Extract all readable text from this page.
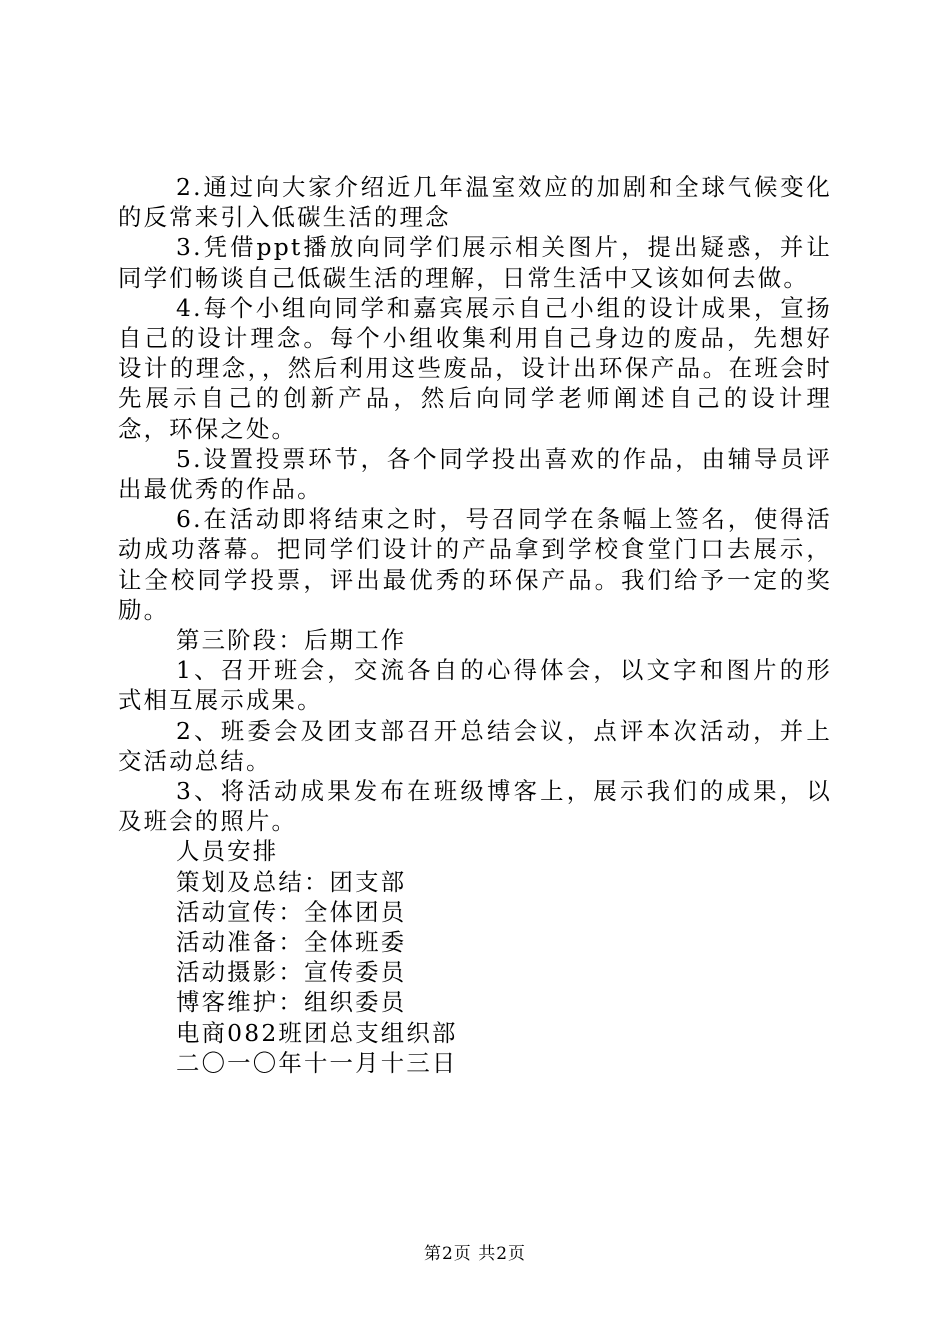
2.通过向大家介绍近几年温室效应的加剧和全球气候变化的反常来引入低碳生活的理念

3.凭借ppt播放向同学们展示相关图片，提出疑惑，并让同学们畅谈自己低碳生活的理解，日常生活中又该如何去做。

4.每个小组向同学和嘉宾展示自己小组的设计成果，宣扬自己的设计理念。每个小组收集利用自己身边的废品，先想好设计的理念，，然后利用这些废品，设计出环保产品。在班会时先展示自己的创新产品，然后向同学老师阐述自己的设计理念，环保之处。

5.设置投票环节，各个同学投出喜欢的作品，由辅导员评出最优秀的作品。

6.在活动即将结束之时，号召同学在条幅上签名，使得活动成功落幕。把同学们设计的产品拿到学校食堂门口去展示，让全校同学投票，评出最优秀的环保产品。我们给予一定的奖励。

第三阶段：后期工作

1、召开班会，交流各自的心得体会，以文字和图片的形式相互展示成果。

2、班委会及团支部召开总结会议，点评本次活动，并上交活动总结。

3、将活动成果发布在班级博客上，展示我们的成果，以及班会的照片。

人员安排

策划及总结：团支部

活动宣传：全体团员

活动准备：全体班委

活动摄影：宣传委员

博客维护：组织委员

电商082班团总支组织部

二〇一〇年十一月十三日

第2页 共2页
